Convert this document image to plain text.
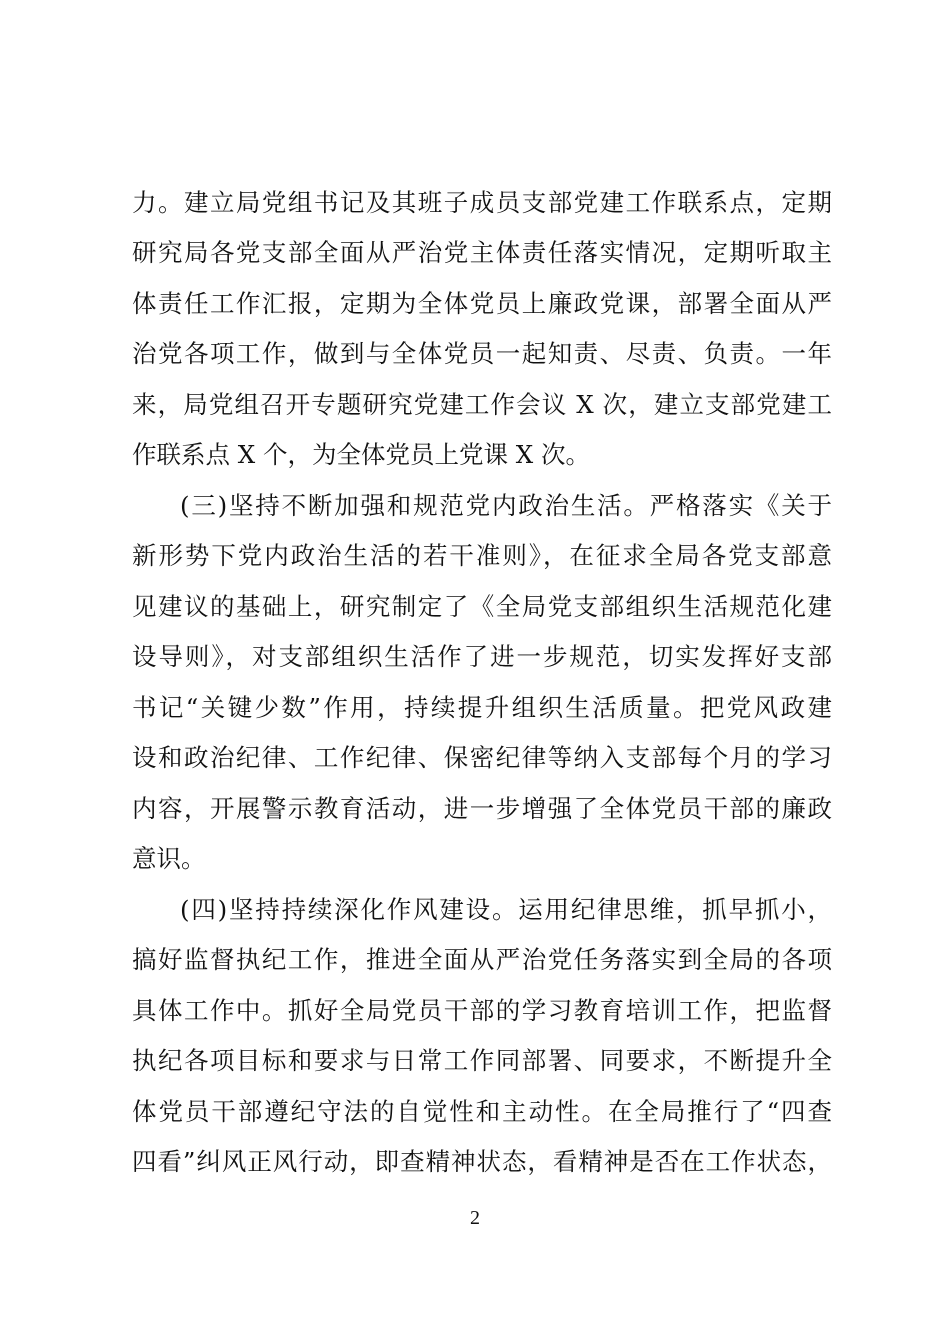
力。建立局党组书记及其班子成员支部党建工作联系点，定期
研究局各党支部全面从严治党主体责任落实情况，定期听取主
体责任工作汇报，定期为全体党员上廉政党课，部署全面从严
治党各项工作，做到与全体党员一起知责、尽责、负责。一年
来，局党组召开专题研究党建工作会议 X 次，建立支部党建工
作联系点 X 个，为全体党员上党课 X 次。
(三)坚持不断加强和规范党内政治生活。严格落实《关于
新形势下党内政治生活的若干准则》，在征求全局各党支部意
见建议的基础上，研究制定了《全局党支部组织生活规范化建
设导则》，对支部组织生活作了进一步规范，切实发挥好支部
书记“关键少数”作用，持续提升组织生活质量。把党风政建
设和政治纪律、工作纪律、保密纪律等纳入支部每个月的学习
内容，开展警示教育活动，进一步增强了全体党员干部的廉政
意识。
(四)坚持持续深化作风建设。运用纪律思维，抓早抓小，
搞好监督执纪工作，推进全面从严治党任务落实到全局的各项
具体工作中。抓好全局党员干部的学习教育培训工作，把监督
执纪各项目标和要求与日常工作同部署、同要求，不断提升全
体党员干部遵纪守法的自觉性和主动性。在全局推行了“四查
四看”纠风正风行动，即查精神状态，看精神是否在工作状态，
2
